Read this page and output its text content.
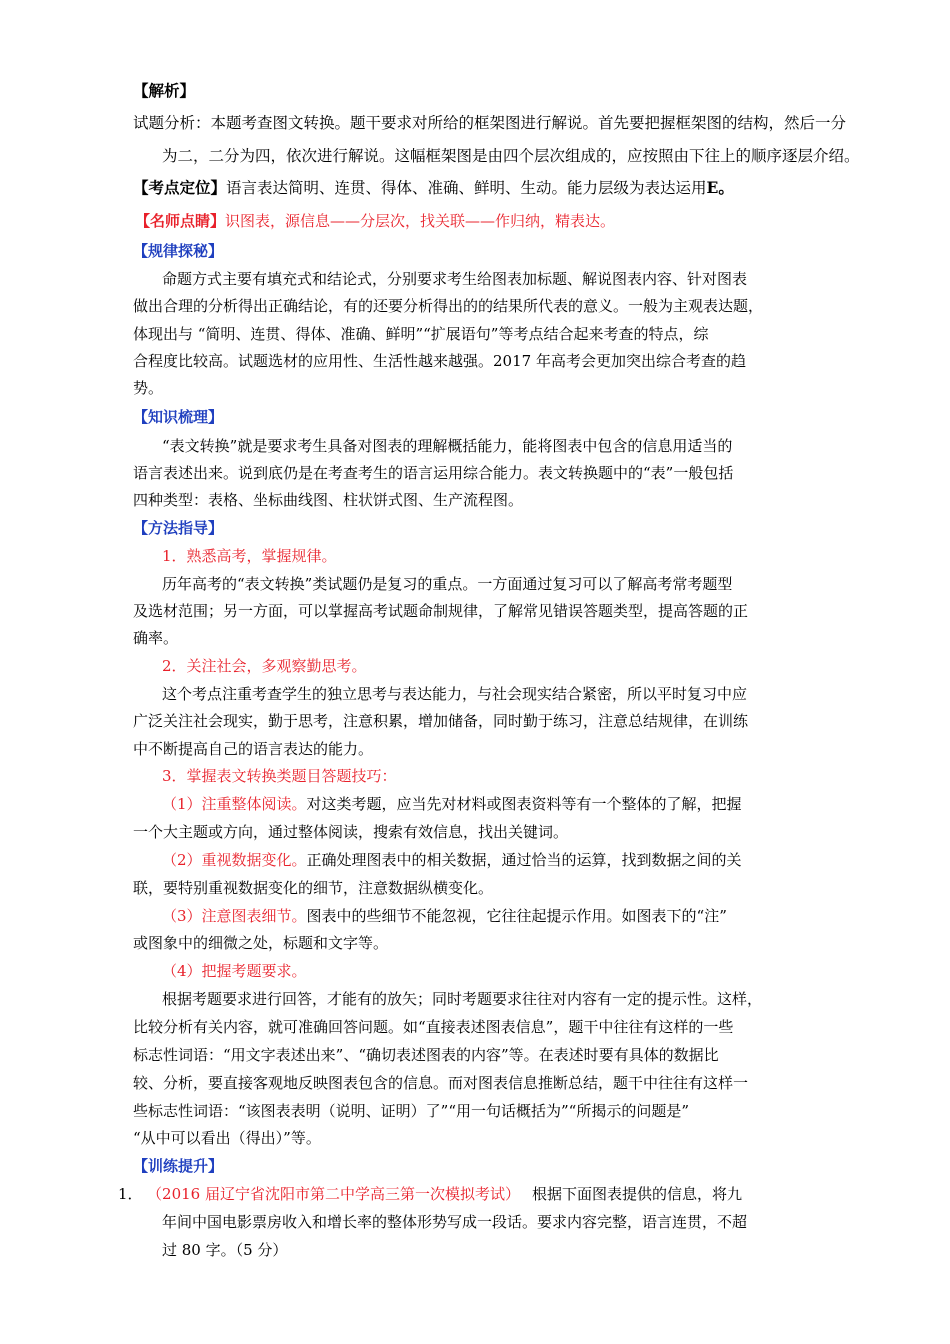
【解析】
试题分析：本题考查图文转换。题干要求对所给的框架图进行解说。首先要把握框架图的结构，然后一分
为二，二分为四，依次进行解说。这幅框架图是由四个层次组成的，应按照由下往上的顺序逐层介绍。
【考点定位】语言表达简明、连贯、得体、准确、鲜明、生动。能力层级为表达运用E。
【名师点睛】识图表，源信息——分层次，找关联——作归纳，精表达。
【规律探秘】
命题方式主要有填充式和结论式，分别要求考生给图表加标题、解说图表内容、针对图表
做出合理的分析得出正确结论，有的还要分析得出的的结果所代表的意义。一般为主观表达题，
体现出与 “简明、连贯、得体、准确、鲜明”“扩展语句”等考点结合起来考查的特点，综
合程度比较高。试题选材的应用性、生活性越来越强。2017 年高考会更加突出综合考查的趋
势。
【知识梳理】
“表文转换”就是要求考生具备对图表的理解概括能力，能将图表中包含的信息用适当的
语言表述出来。说到底仍是在考查考生的语言运用综合能力。表文转换题中的“表”一般包括
四种类型：表格、坐标曲线图、柱状饼式图、生产流程图。
【方法指导】
1．熟悉高考，掌握规律。
历年高考的“表文转换”类试题仍是复习的重点。一方面通过复习可以了解高考常考题型
及选材范围；另一方面，可以掌握高考试题命制规律，了解常见错误答题类型，提高答题的正
确率。
2．关注社会，多观察勤思考。
这个考点注重考查学生的独立思考与表达能力，与社会现实结合紧密，所以平时复习中应
广泛关注社会现实，勤于思考，注意积累，增加储备，同时勤于练习，注意总结规律，在训练
中不断提高自己的语言表达的能力。
3．掌握表文转换类题目答题技巧：
（1）注重整体阅读。对这类考题，应当先对材料或图表资料等有一个整体的了解，把握
一个大主题或方向，通过整体阅读，搜索有效信息，找出关键词。
（2）重视数据变化。正确处理图表中的相关数据，通过恰当的运算，找到数据之间的关
联，要特别重视数据变化的细节，注意数据纵横变化。
（3）注意图表细节。图表中的些细节不能忽视，它往往起提示作用。如图表下的“注”
或图象中的细微之处，标题和文字等。
（4）把握考题要求。
根据考题要求进行回答，才能有的放矢；同时考题要求往往对内容有一定的提示性。这样，
比较分析有关内容，就可准确回答问题。如“直接表述图表信息”，题干中往往有这样的一些
标志性词语：“用文字表述出来”、“确切表述图表的内容”等。在表述时要有具体的数据比
较、分析，要直接客观地反映图表包含的信息。而对图表信息推断总结，题干中往往有这样一
些标志性词语：“该图表表明（说明、证明）了”“用一句话概括为”“所揭示的问题是”
“从中可以看出（得出）”等。
【训练提升】
1． （2016 届辽宁省沈阳市第二中学高三第一次模拟考试） 根据下面图表提供的信息，将九
年间中国电影票房收入和增长率的整体形势写成一段话。要求内容完整，语言连贯，不超
过 80 字。（5 分）
